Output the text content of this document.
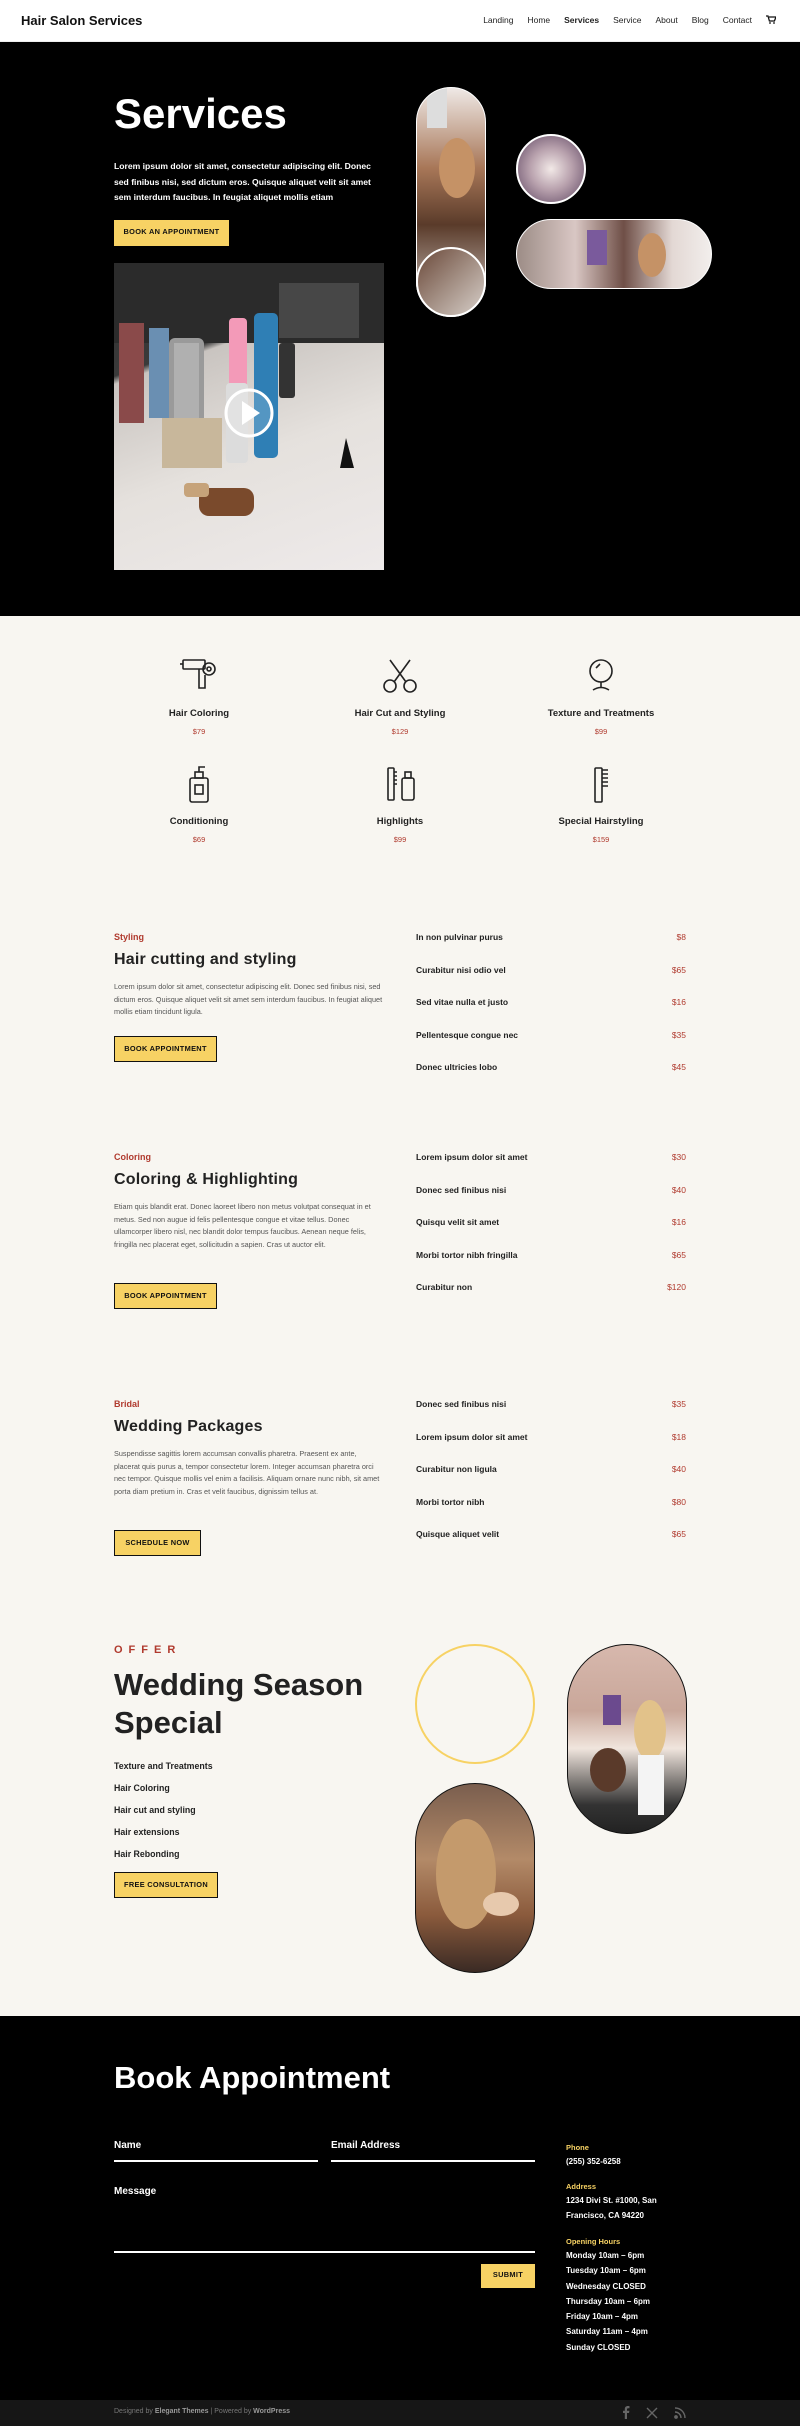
Hair Salon Services	Landing Home Services Service About Blog Contact
Services
Lorem ipsum dolor sit amet, consectetur adipiscing elit. Donec sed finibus nisi, sed dictum eros. Quisque aliquet velit sit amet sem interdum faucibus. In feugiat aliquet mollis etiam
BOOK AN APPOINTMENT
Hair Coloring
$79
Hair Cut and Styling
$129
Texture and Treatments
$99
Conditioning
$69
Highlights
$99
Special Hairstyling
$159
Styling
Hair cutting and styling
Lorem ipsum dolor sit amet, consectetur adipiscing elit. Donec sed finibus nisi, sed dictum eros. Quisque aliquet velit sit amet sem interdum faucibus. In feugiat aliquet mollis etiam tincidunt ligula.
BOOK APPOINTMENT
In non pulvinar purus	$8
Curabitur nisi odio vel	$65
Sed vitae nulla et justo	$16
Pellentesque congue nec	$35
Donec ultricies lobo	$45
Coloring
Coloring & Highlighting
Etiam quis blandit erat. Donec laoreet libero non metus volutpat consequat in et metus. Sed non augue id felis pellentesque congue et vitae tellus. Donec ullamcorper libero nisl, nec blandit dolor tempus faucibus. Aenean neque felis, fringilla nec placerat eget, sollicitudin a sapien. Cras ut auctor elit.
BOOK APPOINTMENT
Lorem ipsum dolor sit amet	$30
Donec sed finibus nisi	$40
Quisqu velit sit amet	$16
Morbi tortor nibh fringilla	$65
Curabitur non	$120
Bridal
Wedding Packages
Suspendisse sagittis lorem accumsan convallis pharetra. Praesent ex ante, placerat quis purus a, tempor consectetur lorem. Integer accumsan pharetra orci nec tempor. Quisque mollis vel enim a facilisis. Aliquam ornare nunc nibh, sit amet porta diam pretium in. Cras et velit faucibus, dignissim tellus at.
SCHEDULE NOW
Donec sed finibus nisi	$35
Lorem ipsum dolor sit amet	$18
Curabitur non ligula	$40
Morbi tortor nibh	$80
Quisque aliquet velit	$65
OFFER
Wedding Season Special
Texture and Treatments
Hair Coloring
Hair cut and styling
Hair extensions
Hair Rebonding
FREE CONSULTATION
Book Appointment
Name	Email Address
Message
SUBMIT
Phone
(255) 352-6258
Address
1234 Divi St. #1000, San
Francisco, CA 94220
Opening Hours
Monday 10am – 6pm
Tuesday 10am – 6pm
Wednesday CLOSED
Thursday 10am – 6pm
Friday 10am – 4pm
Saturday 11am – 4pm
Sunday CLOSED
Designed by Elegant Themes | Powered by WordPress
